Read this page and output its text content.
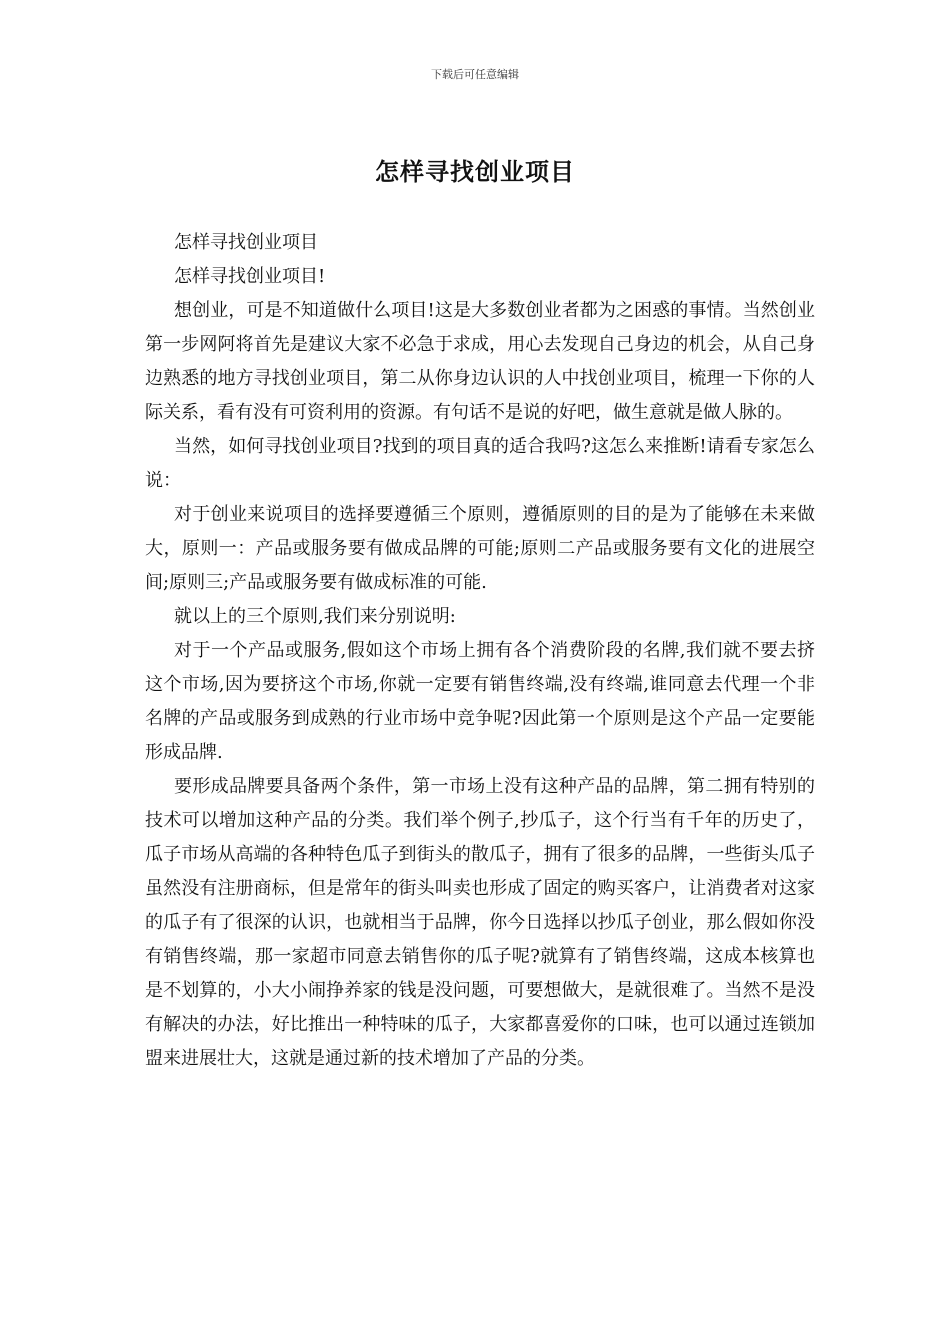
下载后可任意编辑
怎样寻找创业项目

怎样寻找创业项目

怎样寻找创业项目!

想创业，可是不知道做什么项目!这是大多数创业者都为之困惑的事情。当然创业第一步网阿将首先是建议大家不必急于求成，用心去发现自己身边的机会，从自己身边熟悉的地方寻找创业项目，第二从你身边认识的人中找创业项目，梳理一下你的人际关系，看有没有可资利用的资源。有句话不是说的好吧，做生意就是做人脉的。

当然，如何寻找创业项目?找到的项目真的适合我吗?这怎么来推断!请看专家怎么说：

对于创业来说项目的选择要遵循三个原则，遵循原则的目的是为了能够在未来做大，原则一：产品或服务要有做成品牌的可能;原则二产品或服务要有文化的进展空间;原则三;产品或服务要有做成标准的可能.

就以上的三个原则,我们来分别说明:

对于一个产品或服务,假如这个市场上拥有各个消费阶段的名牌,我们就不要去挤这个市场,因为要挤这个市场,你就一定要有销售终端,没有终端,谁同意去代理一个非名牌的产品或服务到成熟的行业市场中竞争呢?因此第一个原则是这个产品一定要能形成品牌.

要形成品牌要具备两个条件，第一市场上没有这种产品的品牌，第二拥有特别的技术可以增加这种产品的分类。我们举个例子,抄瓜子，这个行当有千年的历史了，瓜子市场从高端的各种特色瓜子到街头的散瓜子，拥有了很多的品牌，一些街头瓜子虽然没有注册商标，但是常年的街头叫卖也形成了固定的购买客户，让消费者对这家的瓜子有了很深的认识，也就相当于品牌，你今日选择以抄瓜子创业，那么假如你没有销售终端，那一家超市同意去销售你的瓜子呢?就算有了销售终端，这成本核算也是不划算的，小大小闹挣养家的钱是没问题，可要想做大，是就很难了。当然不是没有解决的办法，好比推出一种特味的瓜子，大家都喜爱你的口味，也可以通过连锁加盟来进展壮大，这就是通过新的技术增加了产品的分类。
